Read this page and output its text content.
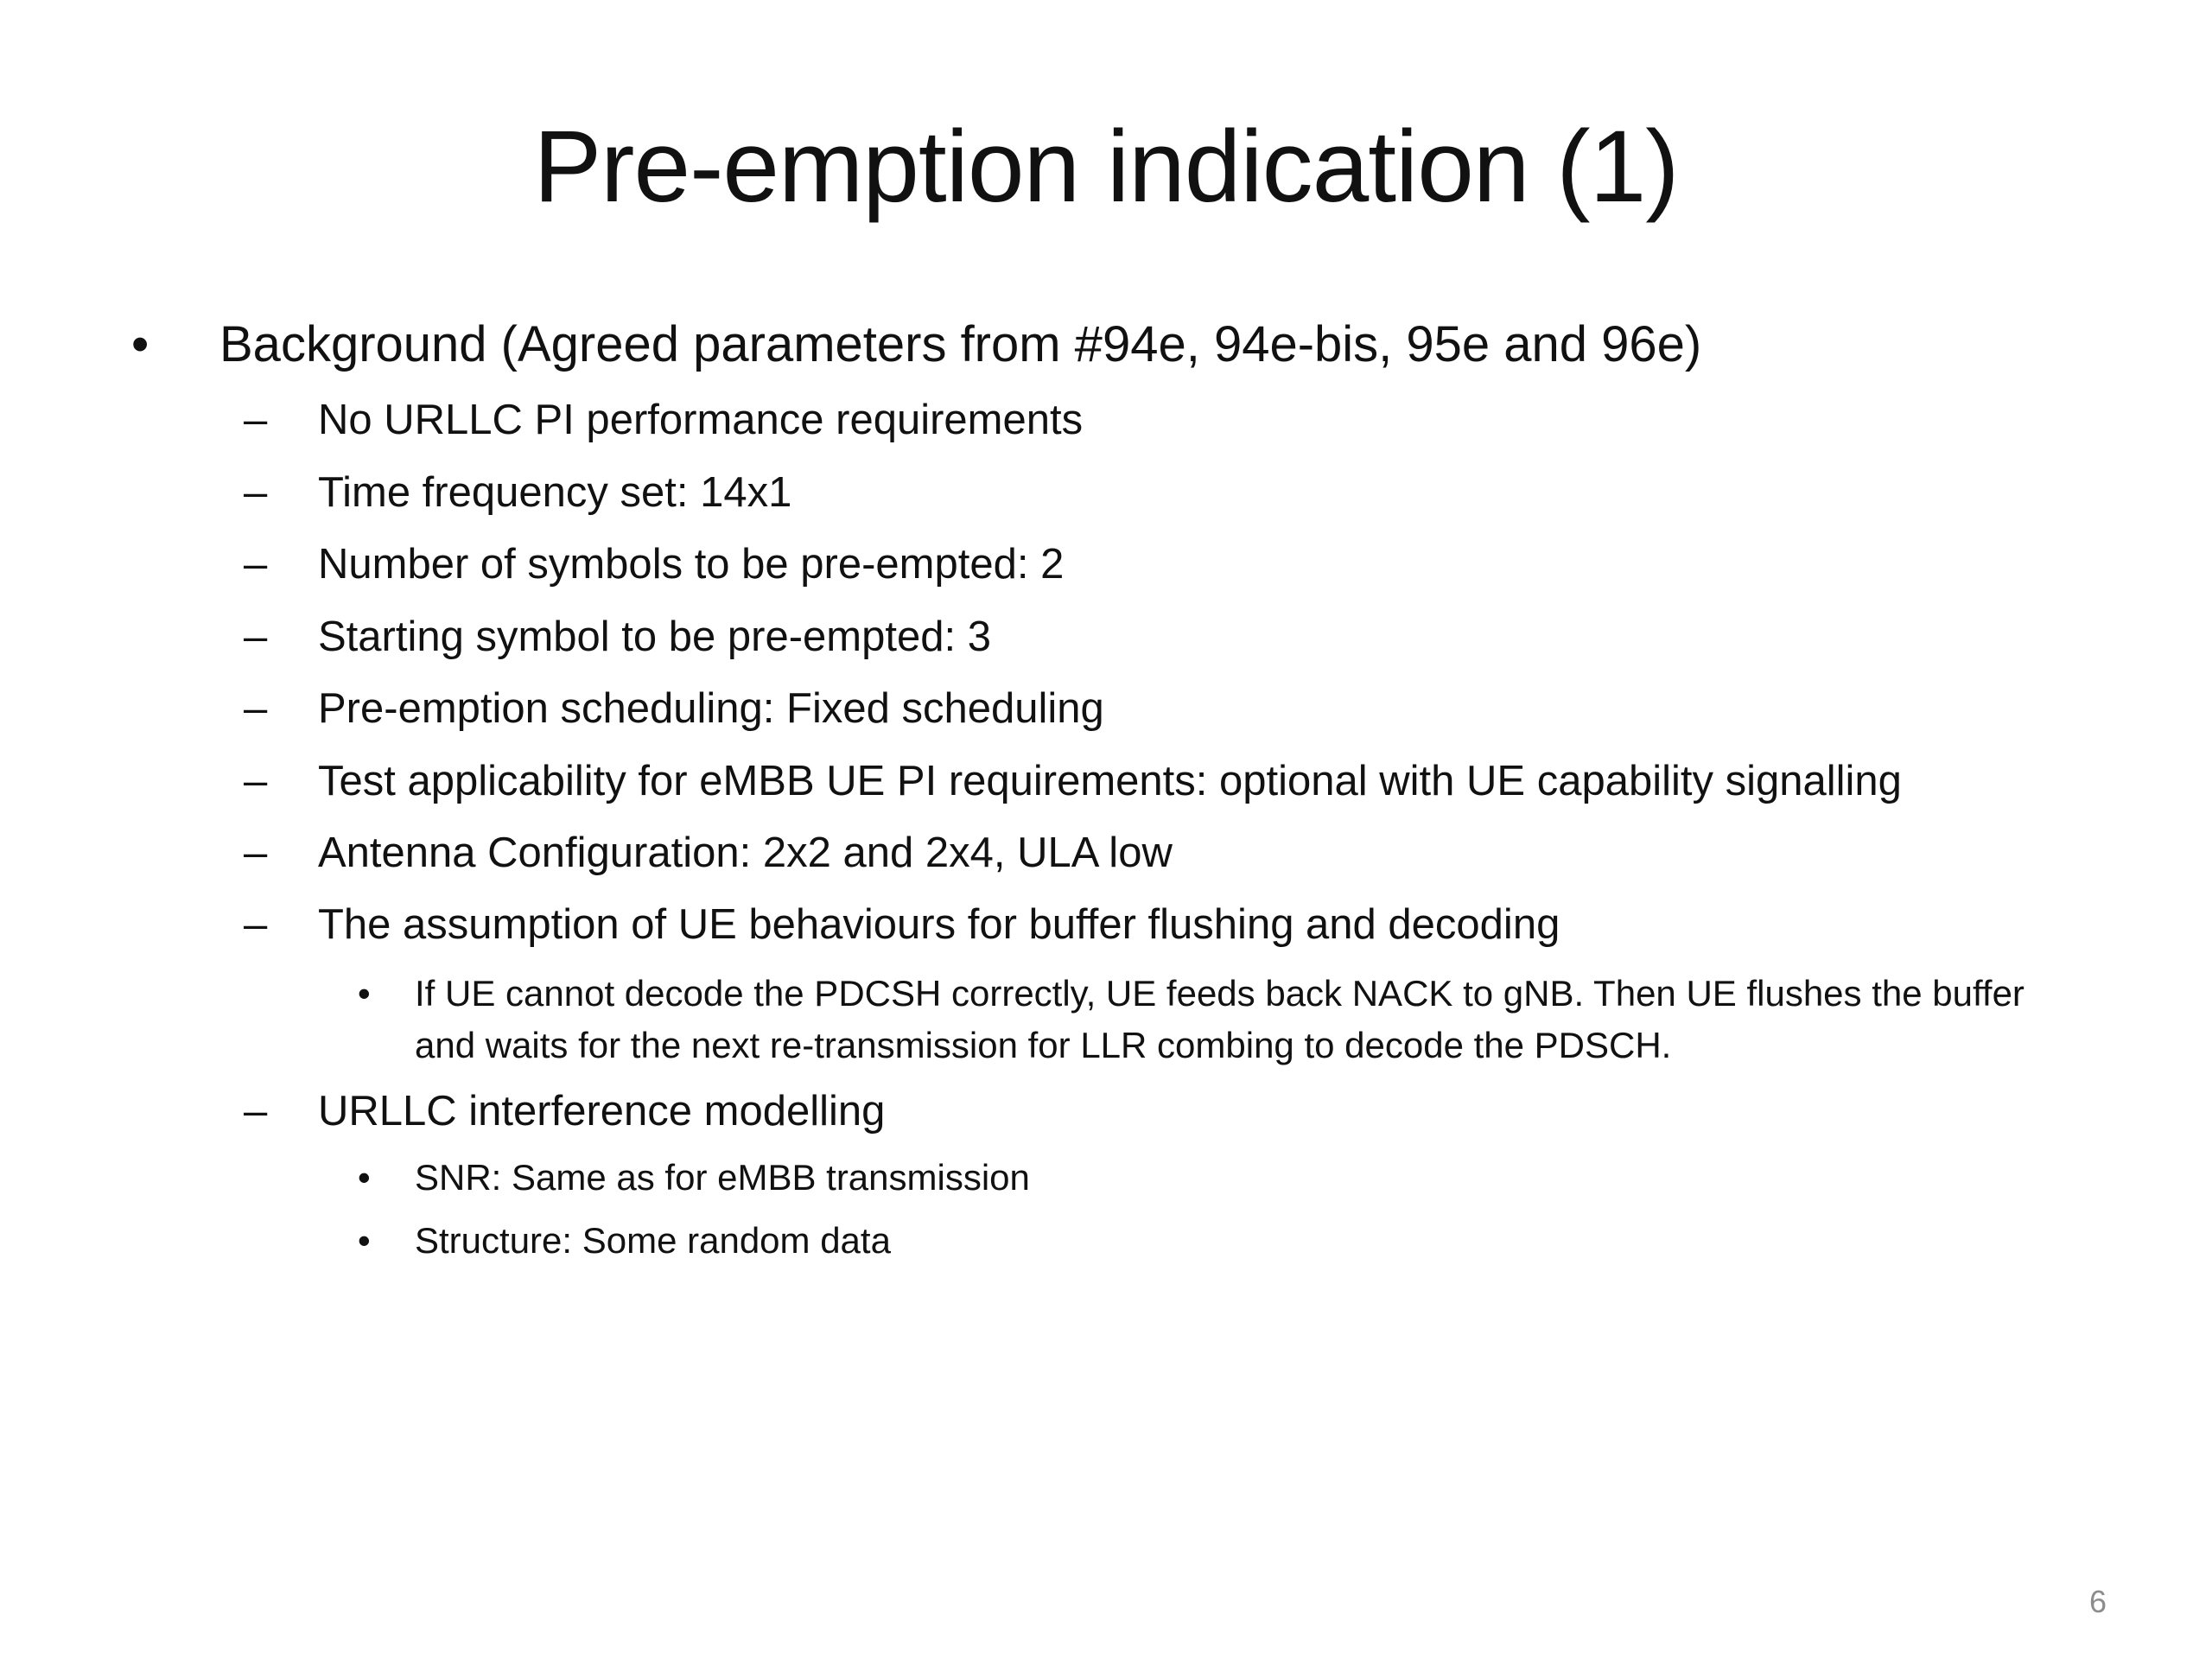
Pre-emption indication (1)
•	Background (Agreed parameters from #94e, 94e-bis, 95e and 96e)
– No URLLC PI performance requirements
– Time frequency set: 14x1
– Number of symbols to be pre-empted: 2
– Starting symbol to be pre-empted: 3
– Pre-emption scheduling: Fixed scheduling
– Test applicability for eMBB UE PI requirements: optional with UE capability signalling
– Antenna Configuration: 2x2 and 2x4, ULA low
– The assumption of UE behaviours for buffer flushing and decoding
• If UE cannot decode the PDCSH correctly, UE feeds back NACK to gNB. Then UE flushes the buffer and waits for the next re-transmission for LLR combing to decode the PDSCH.
– URLLC interference modelling
• SNR: Same as for eMBB transmission
• Structure: Some random data
6
